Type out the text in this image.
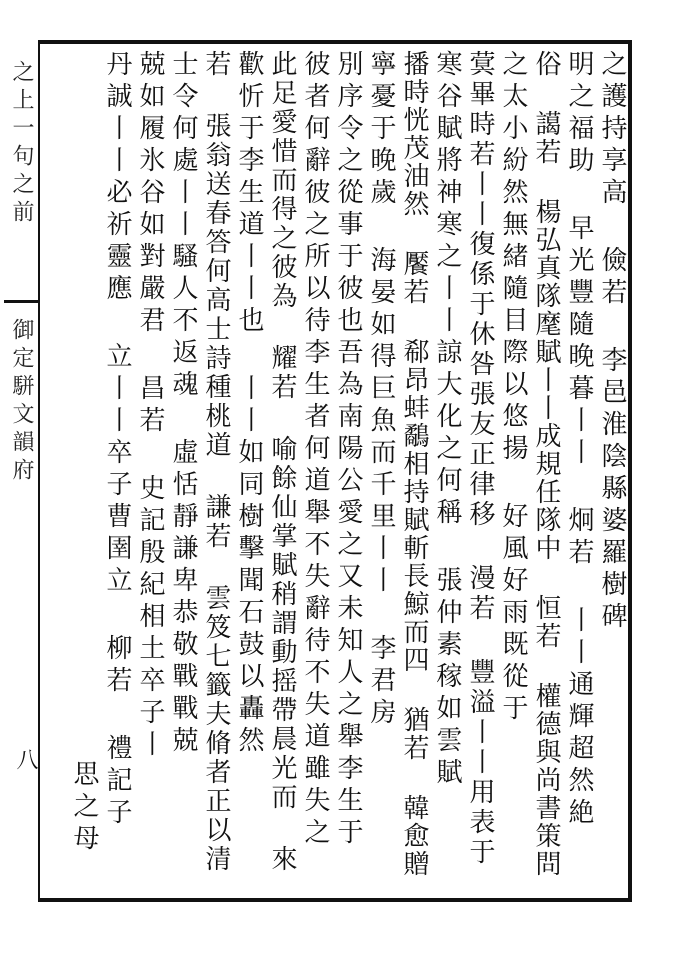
之上一句之前
御定駢文韻府
八
之護持享高 儉若 李邑淮陰縣婆羅樹碑
明之福助 早光豐隨晚暮丨丨 炯若 丨丨通輝超然絶
俗 譪若 楊弘真隊麾賦丨丨成規任隊中 恒若 權德與尚書策問
之太小紛然無緒隨目際以悠揚 好風好雨既從于
蓂畢時若丨丨復係于休咎張友正律移 漫若 豐溢丨丨用表于
寒谷賦將神寒之丨丨諒大化之何稱 張仲素稼如雲賦
播時恍茂油然 饜若 郗昂蚌鷸相持賦斬長鯨而四 猶若 韓愈贈
寧憂于晚歲 海晏如得巨魚而千里丨丨 李君房
別序令之從事于彼也吾為南陽公愛之又未知人之舉李生于
彼者何辭彼之所以待李生者何道舉不失辭待不失道雖失之
此足愛惜而得之彼為 耀若 喻餘仙掌賦稍謂動摇帶晨光而 來
歡忻于李生道丨丨也 丨丨如同樹擊聞石鼓以轟然
若 張翁送春答何高士詩種桃道 謙若 雲笈七籤夫脩者正以清
士令何處丨丨騷人不返魂 虛恬靜謙卑恭敬戰戰兢
兢如履氷谷如對嚴君 昌若 史記殷紀相土卒子丨
丹誠丨丨必祈靈應 立丨丨卒子曹圉立 柳若 禮記子
思之母
